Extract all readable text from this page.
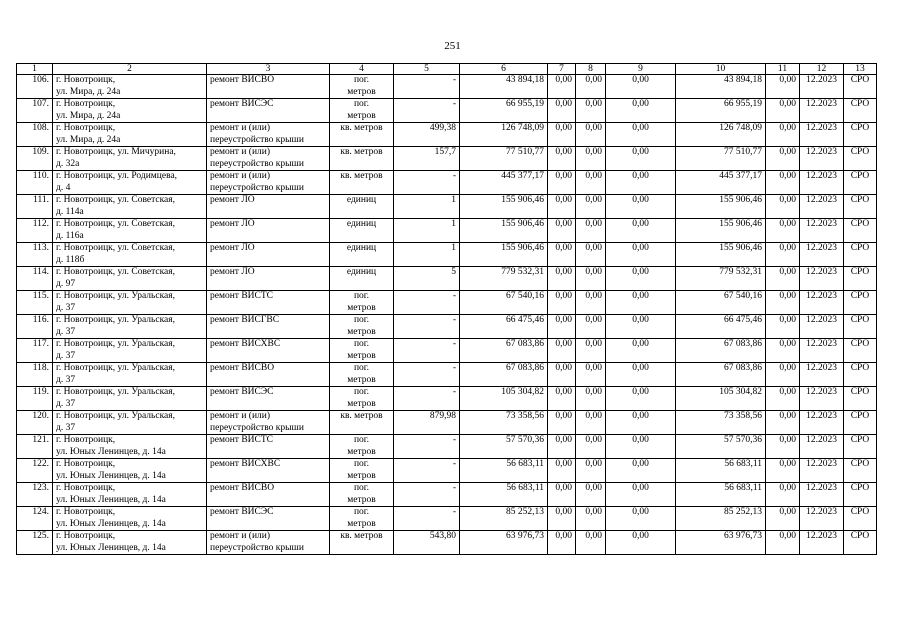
251
1	2	3	4	5	6	7	8	9	10	11	12	13
106.	г. Новотроицк,
ул. Мира, д. 24а	ремонт ВИСВО	пог.
метров	-	43 894,18	0,00	0,00	0,00	43 894,18	0,00	12.2023	СРО
107.	г. Новотроицк,
ул. Мира, д. 24а	ремонт ВИСЭС	пог.
метров	-	66 955,19	0,00	0,00	0,00	66 955,19	0,00	12.2023	СРО
108.	г. Новотроицк,
ул. Мира, д. 24а	ремонт и (или)
переустройство крыши	кв. метров	499,38	126 748,09	0,00	0,00	0,00	126 748,09	0,00	12.2023	СРО
109.	г. Новотроицк, ул. Мичурина,
д. 32а	ремонт и (или)
переустройство крыши	кв. метров	157,7	77 510,77	0,00	0,00	0,00	77 510,77	0,00	12.2023	СРО
110.	г. Новотроицк, ул. Родимцева,
д. 4	ремонт и (или)
переустройство крыши	кв. метров	-	445 377,17	0,00	0,00	0,00	445 377,17	0,00	12.2023	СРО
111.	г. Новотроицк, ул. Советская,
д. 114а	ремонт ЛО	единиц	1	155 906,46	0,00	0,00	0,00	155 906,46	0,00	12.2023	СРО
112.	г. Новотроицк, ул. Советская,
д. 116а	ремонт ЛО	единиц	1	155 906,46	0,00	0,00	0,00	155 906,46	0,00	12.2023	СРО
113.	г. Новотроицк, ул. Советская,
д. 118б	ремонт ЛО	единиц	1	155 906,46	0,00	0,00	0,00	155 906,46	0,00	12.2023	СРО
114.	г. Новотроицк, ул. Советская,
д. 97	ремонт ЛО	единиц	5	779 532,31	0,00	0,00	0,00	779 532,31	0,00	12.2023	СРО
115.	г. Новотроицк, ул. Уральская,
д. 37	ремонт ВИСТС	пог.
метров	-	67 540,16	0,00	0,00	0,00	67 540,16	0,00	12.2023	СРО
116.	г. Новотроицк, ул. Уральская,
д. 37	ремонт ВИСГВС	пог.
метров	-	66 475,46	0,00	0,00	0,00	66 475,46	0,00	12.2023	СРО
117.	г. Новотроицк, ул. Уральская,
д. 37	ремонт ВИСХВС	пог.
метров	-	67 083,86	0,00	0,00	0,00	67 083,86	0,00	12.2023	СРО
118.	г. Новотроицк, ул. Уральская,
д. 37	ремонт ВИСВО	пог.
метров	-	67 083,86	0,00	0,00	0,00	67 083,86	0,00	12.2023	СРО
119.	г. Новотроицк, ул. Уральская,
д. 37	ремонт ВИСЭС	пог.
метров	-	105 304,82	0,00	0,00	0,00	105 304,82	0,00	12.2023	СРО
120.	г. Новотроицк, ул. Уральская,
д. 37	ремонт и (или)
переустройство крыши	кв. метров	879,98	73 358,56	0,00	0,00	0,00	73 358,56	0,00	12.2023	СРО
121.	г. Новотроицк,
ул. Юных Ленинцев, д. 14а	ремонт ВИСТС	пог.
метров	-	57 570,36	0,00	0,00	0,00	57 570,36	0,00	12.2023	СРО
122.	г. Новотроицк,
ул. Юных Ленинцев, д. 14а	ремонт ВИСХВС	пог.
метров	-	56 683,11	0,00	0,00	0,00	56 683,11	0,00	12.2023	СРО
123.	г. Новотроицк,
ул. Юных Ленинцев, д. 14а	ремонт ВИСВО	пог.
метров	-	56 683,11	0,00	0,00	0,00	56 683,11	0,00	12.2023	СРО
124.	г. Новотроицк,
ул. Юных Ленинцев, д. 14а	ремонт ВИСЭС	пог.
метров	-	85 252,13	0,00	0,00	0,00	85 252,13	0,00	12.2023	СРО
125.	г. Новотроицк,
ул. Юных Ленинцев, д. 14а	ремонт и (или)
переустройство крыши	кв. метров	543,80	63 976,73	0,00	0,00	0,00	63 976,73	0,00	12.2023	СРО
